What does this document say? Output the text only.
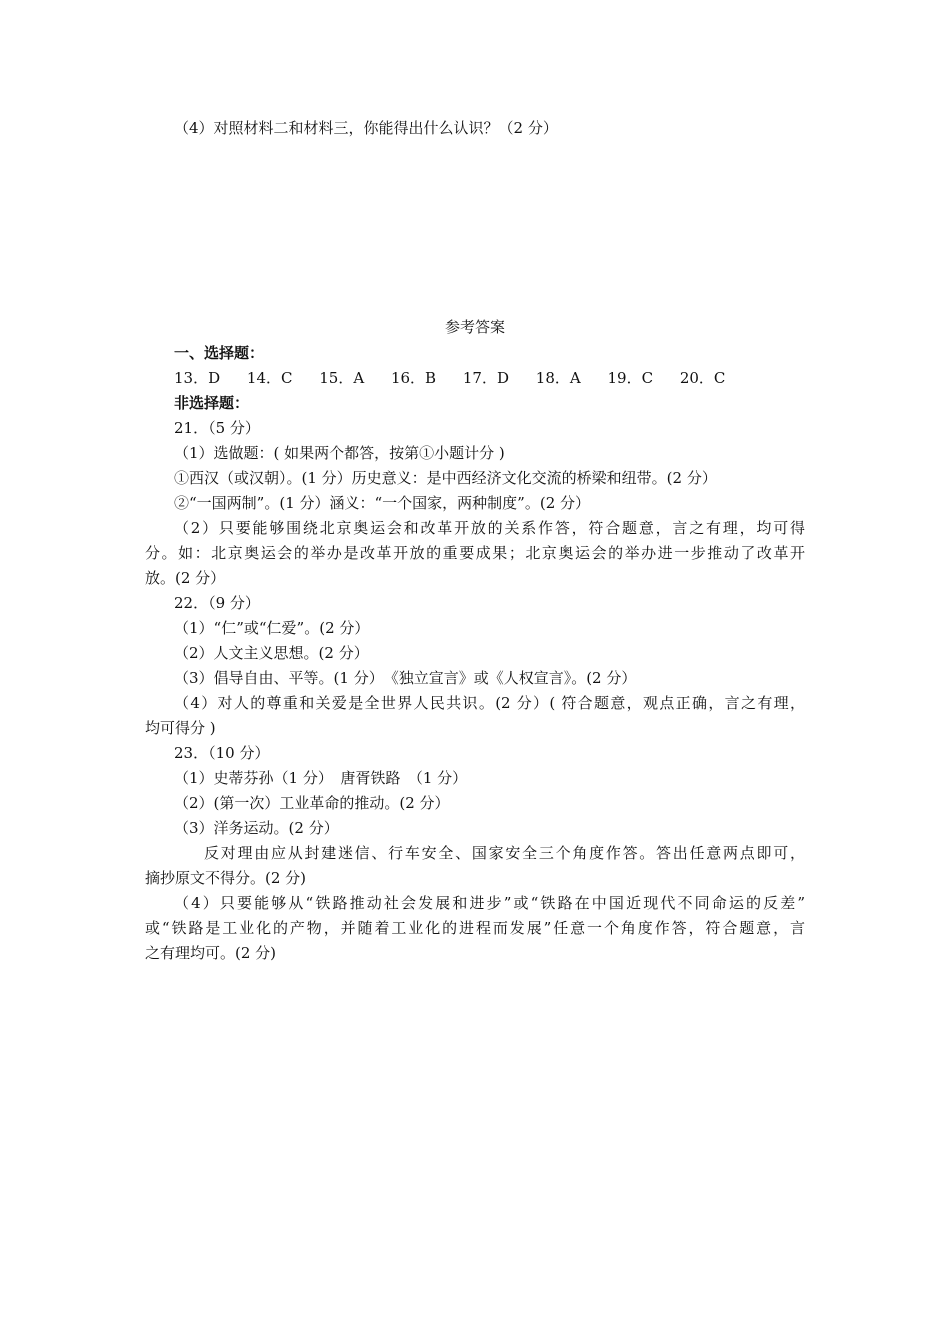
（4）对照材料二和材料三，你能得出什么认识？（2 分）
参考答案
一、选择题：
13．D 14．C 15．A 16．B 17．D 18．A 19．C 20．C
非选择题：
21．（5 分）
（1）选做题：( 如果两个都答，按第①小题计分 )
①西汉（或汉朝）。(1 分）历史意义：是中西经济文化交流的桥梁和纽带。(2 分）
②“一国两制”。(1 分）涵义：“一个国家，两种制度”。(2 分）
（2）只要能够围绕北京奥运会和改革开放的关系作答，符合题意，言之有理，均可得
分。如：北京奥运会的举办是改革开放的重要成果；北京奥运会的举办进一步推动了改革开
放。(2 分）
22．（9 分）
（1）“仁”或“仁爱”。(2 分）
（2）人文主义思想。(2 分）
（3）倡导自由、平等。(1 分）　《独立宣言》或《人权宣言》。(2 分）
（4）对人的尊重和关爱是全世界人民共识。(2 分）( 符合题意，观点正确，言之有理，
均可得分 )
23．（10 分）
（1）史蒂芬孙（1 分）　唐胥铁路　（1 分）
（2）(第一次）工业革命的推动。(2 分）
（3）洋务运动。(2 分）
反对理由应从封建迷信、行车安全、国家安全三个角度作答。答出任意两点即可，
摘抄原文不得分。(2 分)
（4）只要能够从“铁路推动社会发展和进步”或“铁路在中国近现代不同命运的反差”
或“铁路是工业化的产物，并随着工业化的进程而发展”任意一个角度作答，符合题意，言
之有理均可。(2 分)
